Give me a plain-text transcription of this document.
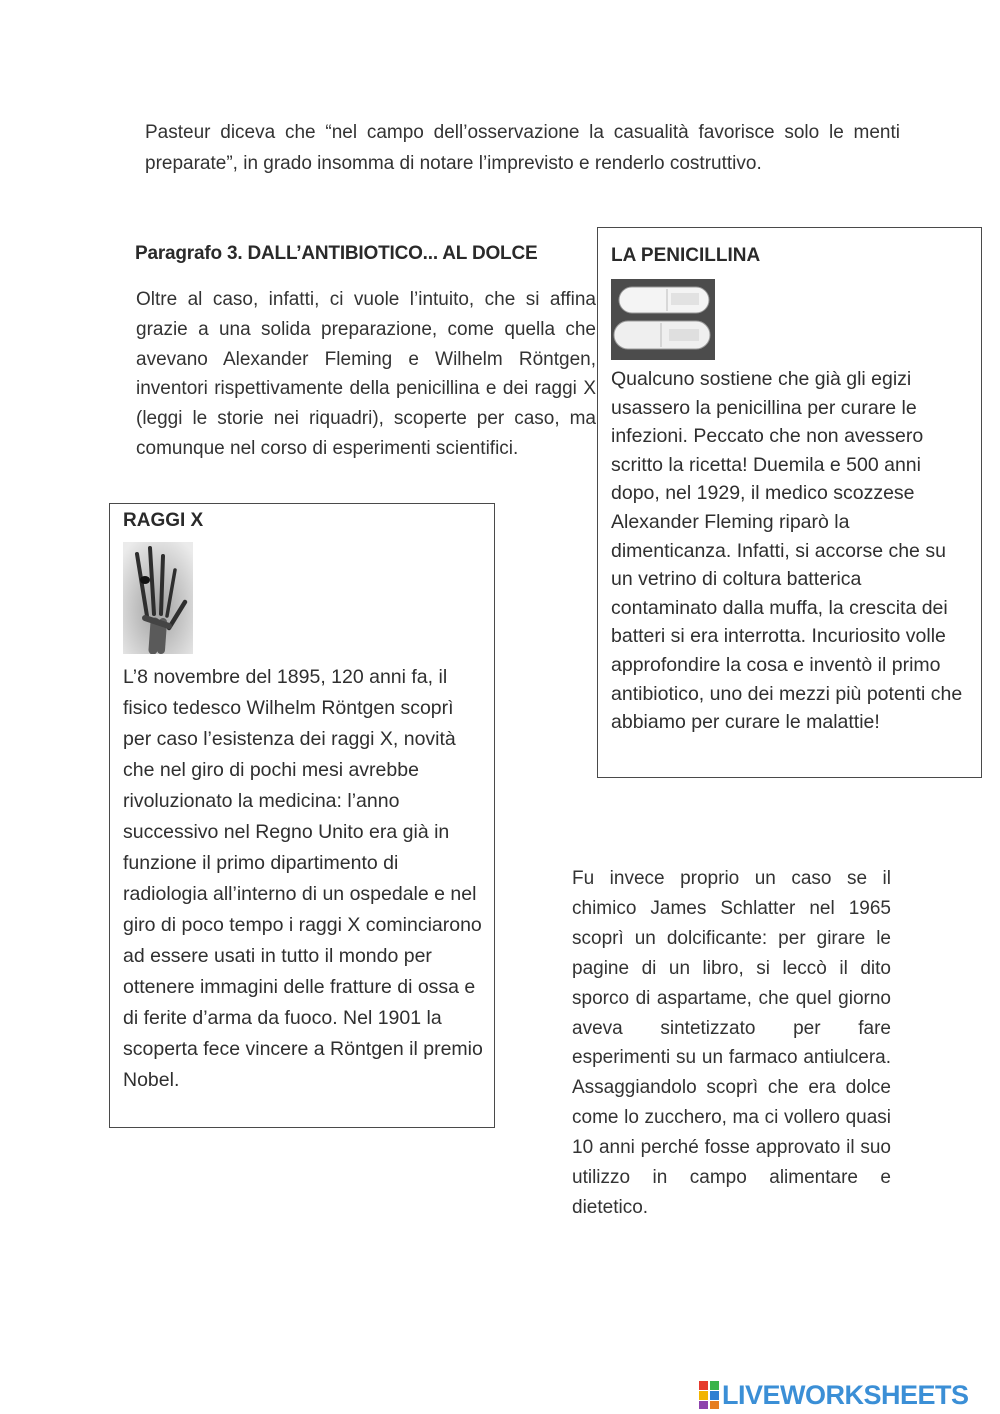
Pasteur diceva che “nel campo dell’osservazione la casualità favorisce solo le menti preparate”, in grado insomma di notare l’imprevisto e renderlo costruttivo.
Paragrafo 3. DALL’ANTIBIOTICO... AL DOLCE
Oltre al caso, infatti, ci vuole l’intuito, che si affina grazie a una solida preparazione, come quella che avevano Alexander Fleming e Wilhelm Röntgen, inventori rispettivamente della penicillina e dei raggi X (leggi le storie nei riquadri), scoperte per caso, ma comunque nel corso di esperimenti scientifici.
RAGGI X
L’8 novembre del 1895, 120 anni fa, il fisico tedesco Wilhelm Röntgen scoprì per caso l’esistenza dei raggi X, novità che nel giro di pochi mesi avrebbe rivoluzionato la medicina: l’anno successivo nel Regno Unito era già in funzione il primo dipartimento di radiologia all’interno di un ospedale e nel giro di poco tempo i raggi X cominciarono ad essere usati in tutto il mondo per ottenere immagini delle fratture di ossa e di ferite d’arma da fuoco. Nel 1901 la scoperta fece vincere a Röntgen il premio Nobel.
LA PENICILLINA
Qualcuno sostiene che già gli egizi usassero la penicillina per curare le infezioni. Peccato che non avessero scritto la ricetta! Duemila e 500 anni dopo, nel 1929, il medico scozzese Alexander Fleming riparò la dimenticanza. Infatti, si accorse che su un vetrino di coltura batterica contaminato dalla muffa, la crescita dei batteri si era interrotta. Incuriosito volle approfondire la cosa e inventò il primo antibiotico, uno dei mezzi più potenti che abbiamo per curare le malattie!
Fu invece proprio un caso se il chimico James Schlatter nel 1965 scoprì un dolcificante: per girare le pagine di un libro, si leccò il dito sporco di aspartame, che quel giorno aveva sintetizzato per fare esperimenti su un farmaco antiulcera. Assaggiandolo scoprì che era dolce come lo zucchero, ma ci vollero quasi 10 anni perché fosse approvato il suo utilizzo in campo alimentare e dietetico.
LIVEWORKSHEETS
